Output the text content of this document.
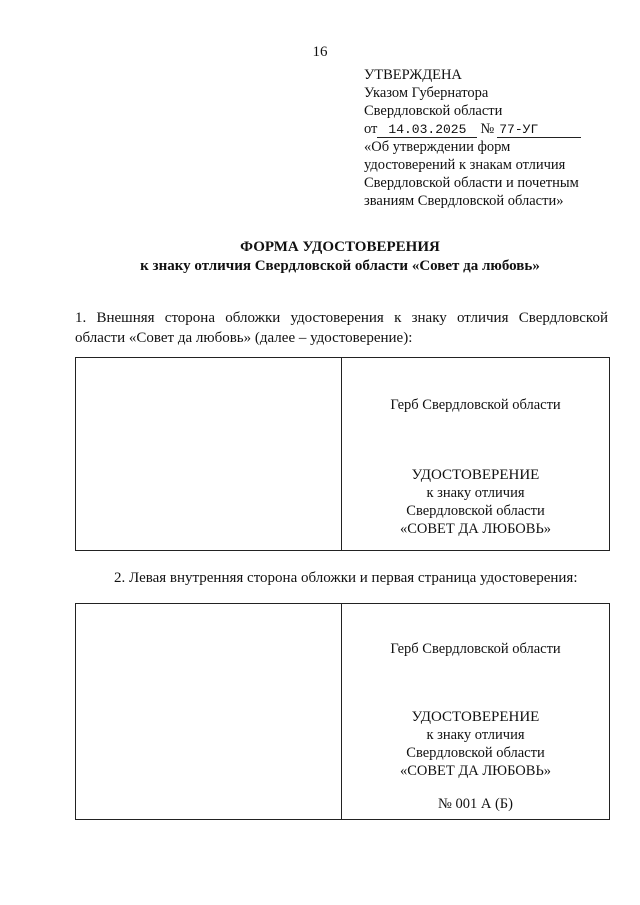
16
УТВЕРЖДЕНА
Указом Губернатора
Свердловской области
от 14.03.2025 № 77-УГ
«Об утверждении форм
удостоверений к знакам отличия
Свердловской области и почетным
званиям Свердловской области»
ФОРМА УДОСТОВЕРЕНИЯ
к знаку отличия Свердловской области «Совет да любовь»
1. Внешняя сторона обложки удостоверения к знаку отличия Свердловской области «Совет да любовь» (далее – удостоверение):
Герб Свердловской области
УДОСТОВЕРЕНИЕ
к знаку отличия
Свердловской области
«СОВЕТ ДА ЛЮБОВЬ»
2. Левая внутренняя сторона обложки и первая страница удостоверения:
Герб Свердловской области
УДОСТОВЕРЕНИЕ
к знаку отличия
Свердловской области
«СОВЕТ ДА ЛЮБОВЬ»
№ 001 А (Б)
